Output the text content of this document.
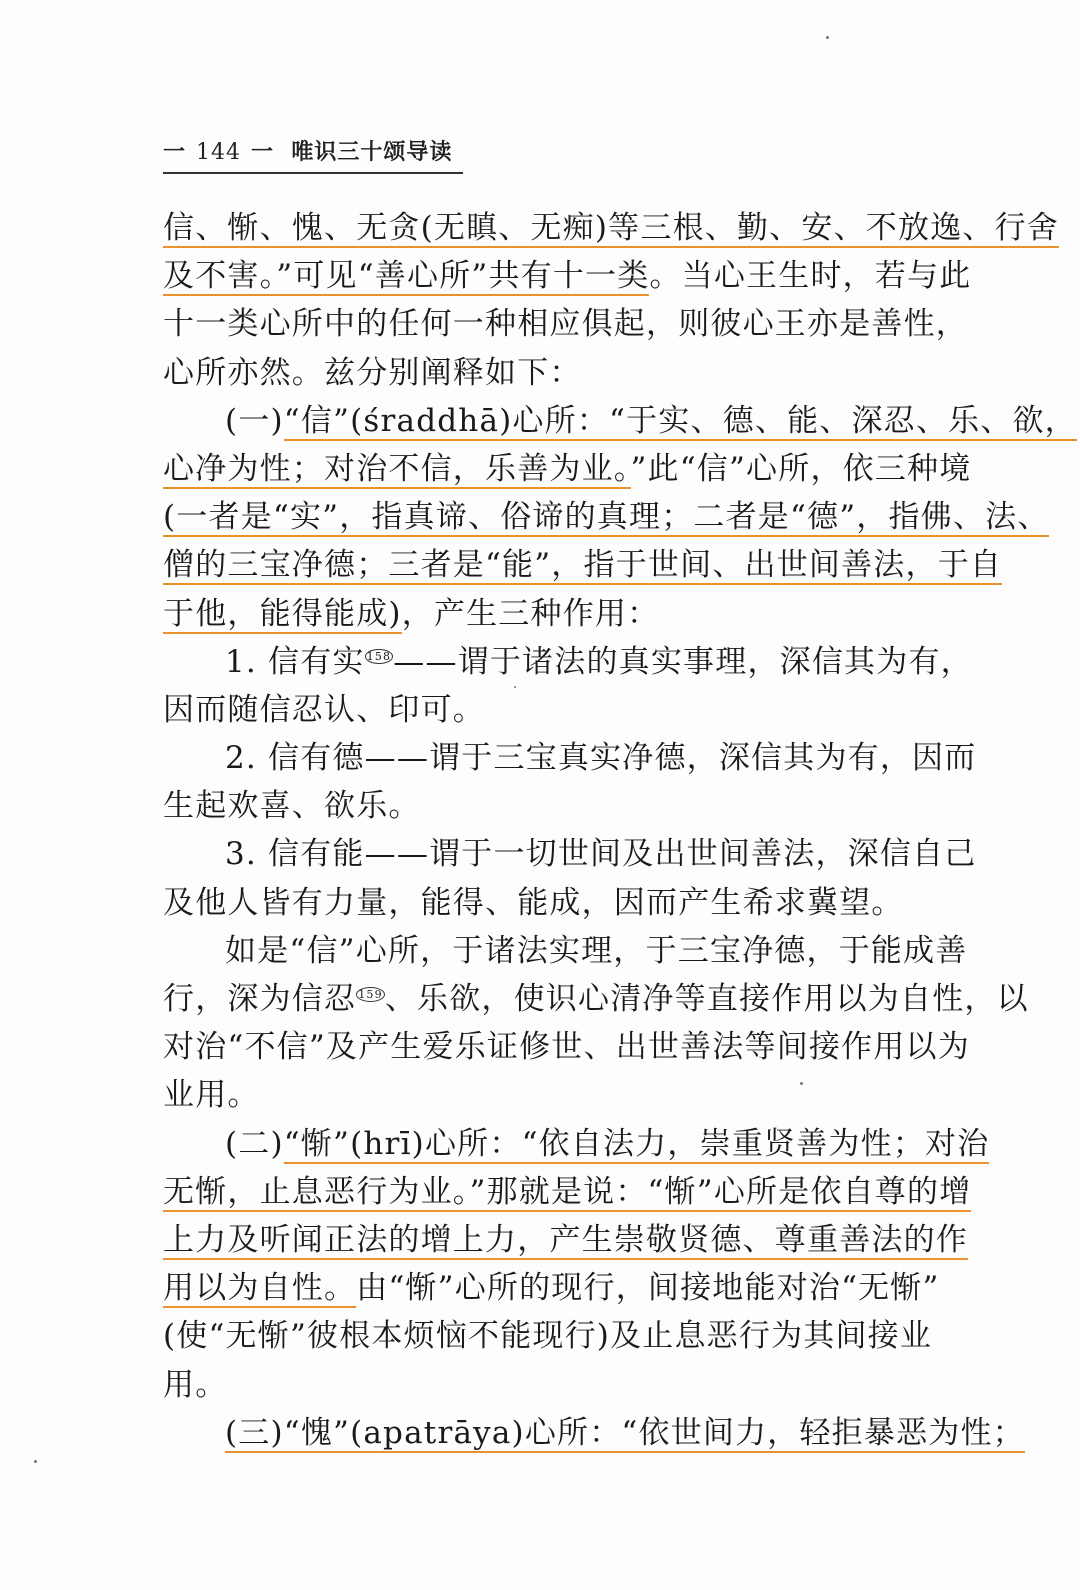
一 144 一 唯识三十颂导读
信、惭、愧、无贪(无瞋、无痴)等三根、勤、安、不放逸、行舍
及不害。”可见“善心所”共有十一类。当心王生时，若与此
十一类心所中的任何一种相应俱起，则彼心王亦是善性，
心所亦然。兹分别阐释如下：
(一)“信”(śraddhā)心所：“于实、德、能、深忍、乐、欲，
心净为性；对治不信，乐善为业。”此“信”心所，依三种境
(一者是“实”，指真谛、俗谛的真理；二者是“德”，指佛、法、
僧的三宝净德；三者是“能”，指于世间、出世间善法，于自
于他，能得能成)，产生三种作用：
1. 信有实 $^{158}$——谓于诸法的真实事理，深信其为有，
因而随信忍认、印可。
2. 信有德——谓于三宝真实净德，深信其为有，因而
生起欢喜、欲乐。
3. 信有能——谓于一切世间及出世间善法，深信自己
及他人皆有力量，能得、能成，因而产生希求冀望。
如是“信”心所，于诸法实理，于三宝净德，于能成善
行，深为信忍 $^{159}$、乐欲，使识心清净等直接作用以为自性，以
对治“不信”及产生爱乐证修世、出世善法等间接作用以为
业用。
(二)“惭”(hrī)心所：“依自法力，崇重贤善为性；对治
无惭，止息恶行为业。”那就是说：“惭”心所是依自尊的增
上力及听闻正法的增上力，产生崇敬贤德、尊重善法的作
用以为自性。由“惭”心所的现行，间接地能对治“无惭”
(使“无惭”彼根本烦恼不能现行)及止息恶行为其间接业
用。
(三)“愧”(apatrāya)心所：“依世间力，轻拒暴恶为性；
